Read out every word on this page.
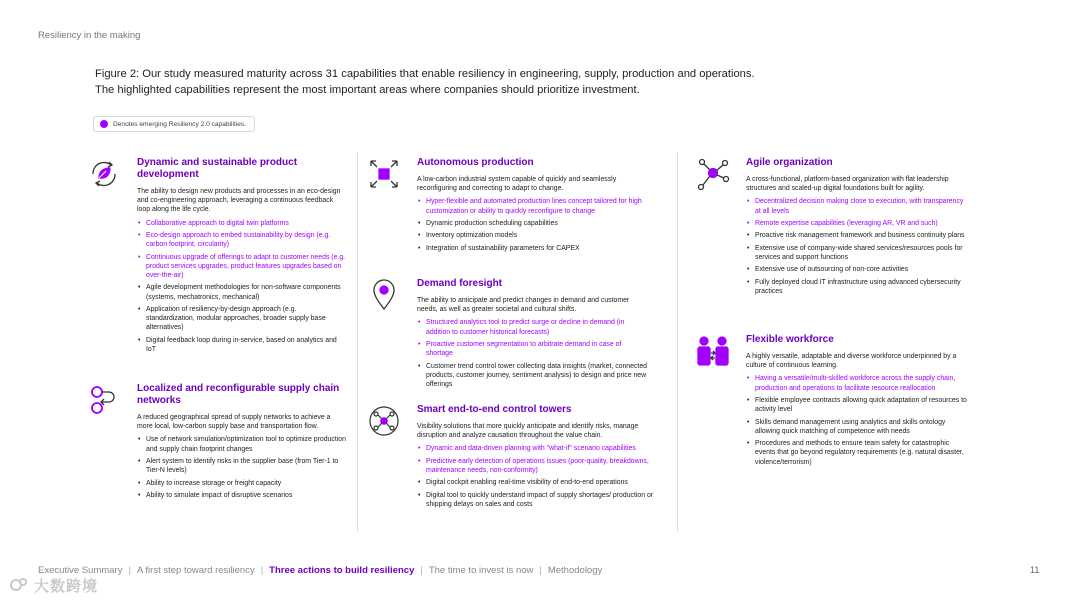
Resiliency in the making
Figure 2: Our study measured maturity across 31 capabilities that enable resiliency in engineering, supply, production and operations.
The highlighted capabilities represent the most important areas where companies should prioritize investment.
Denotes emerging Resiliency 2.0 capabilities.
Dynamic and sustainable product development
The ability to design new products and processes in an eco-design and co-engineering approach, leveraging a continuous feedback loop along the life cycle.
• Collaborative approach to digital twin platforms
• Eco-design approach to embed sustainability by design (e.g. carbon footprint, circularity)
• Continuous upgrade of offerings to adapt to customer needs (e.g. product services upgrades, product features upgrades based on over-the-air)
• Agile development methodologies for non-software components (systems, mechatronics, mechanical)
• Application of resiliency-by-design approach (e.g. standardization, modular approaches, broader supply base alternatives)
• Digital feedback loop during in-service, based on analytics and IoT
Localized and reconfigurable supply chain networks
A reduced geographical spread of supply networks to achieve a more local, low-carbon supply base and transportation flow.
• Use of network simulation/optimization tool to optimize production and supply chain footprint changes
• Alert system to identify risks in the supplier base (from Tier-1 to Tier-N levels)
• Ability to increase storage or freight capacity
• Ability to simulate impact of disruptive scenarios
Autonomous production
A low-carbon industrial system capable of quickly and seamlessly reconfiguring and correcting to adapt to change.
• Hyper-flexible and automated production lines concept tailored for high customization or ability to quickly reconfigure to change
• Dynamic production scheduling capabilities
• Inventory optimization models
• Integration of sustainability parameters for CAPEX
Demand foresight
The ability to anticipate and predict changes in demand and customer needs, as well as greater societal and cultural shifts.
• Structured analytics tool to predict surge or decline in demand (in addition to customer historical forecasts)
• Proactive customer segmentation to arbitrate demand in case of shortage
• Customer trend control tower collecting data insights (market, connected products, customer journey, sentiment analysis) to design and price new offerings
Smart end-to-end control towers
Visibility solutions that more quickly anticipate and identify risks, manage disruption and analyze causation throughout the value chain.
• Dynamic and data-driven planning with "what-if" scenario capabilities
• Predictive early detection of operations issues (poor-quality, breakdowns, maintenance needs, non-conformity)
• Digital cockpit enabling real-time visibility of end-to-end operations
• Digital tool to quickly understand impact of supply shortages/ production or shipping delays on sales and costs
Agile organization
A cross-functional, platform-based organization with flat leadership structures and scaled-up digital foundations built for agility.
• Decentralized decision making close to execution, with transparency at all levels
• Remote expertise capabilities (leveraging AR, VR and such)
• Proactive risk management framework and business continuity plans
• Extensive use of company-wide shared services/resources pools for services and support functions
• Extensive use of outsourcing of non-core activities
• Fully deployed cloud IT infrastructure using advanced cybersecurity practices
Flexible workforce
A highly versatile, adaptable and diverse workforce underpinned by a culture of continuous learning.
• Having a versatile/multi-skilled workforce across the supply chain, production and operations to facilitate resource reallocation
• Flexible employee contracts allowing quick adaptation of resources to activity level
• Skills demand management using analytics and skills ontology allowing quick matching of competence with needs
• Procedures and methods to ensure team safety for catastrophic events that go beyond regulatory requirements (e.g. natural disaster, violence/terrorism)
Executive Summary | A first step toward resiliency | Three actions to build resiliency | The time to invest is now | Methodology	11
大数跨境
